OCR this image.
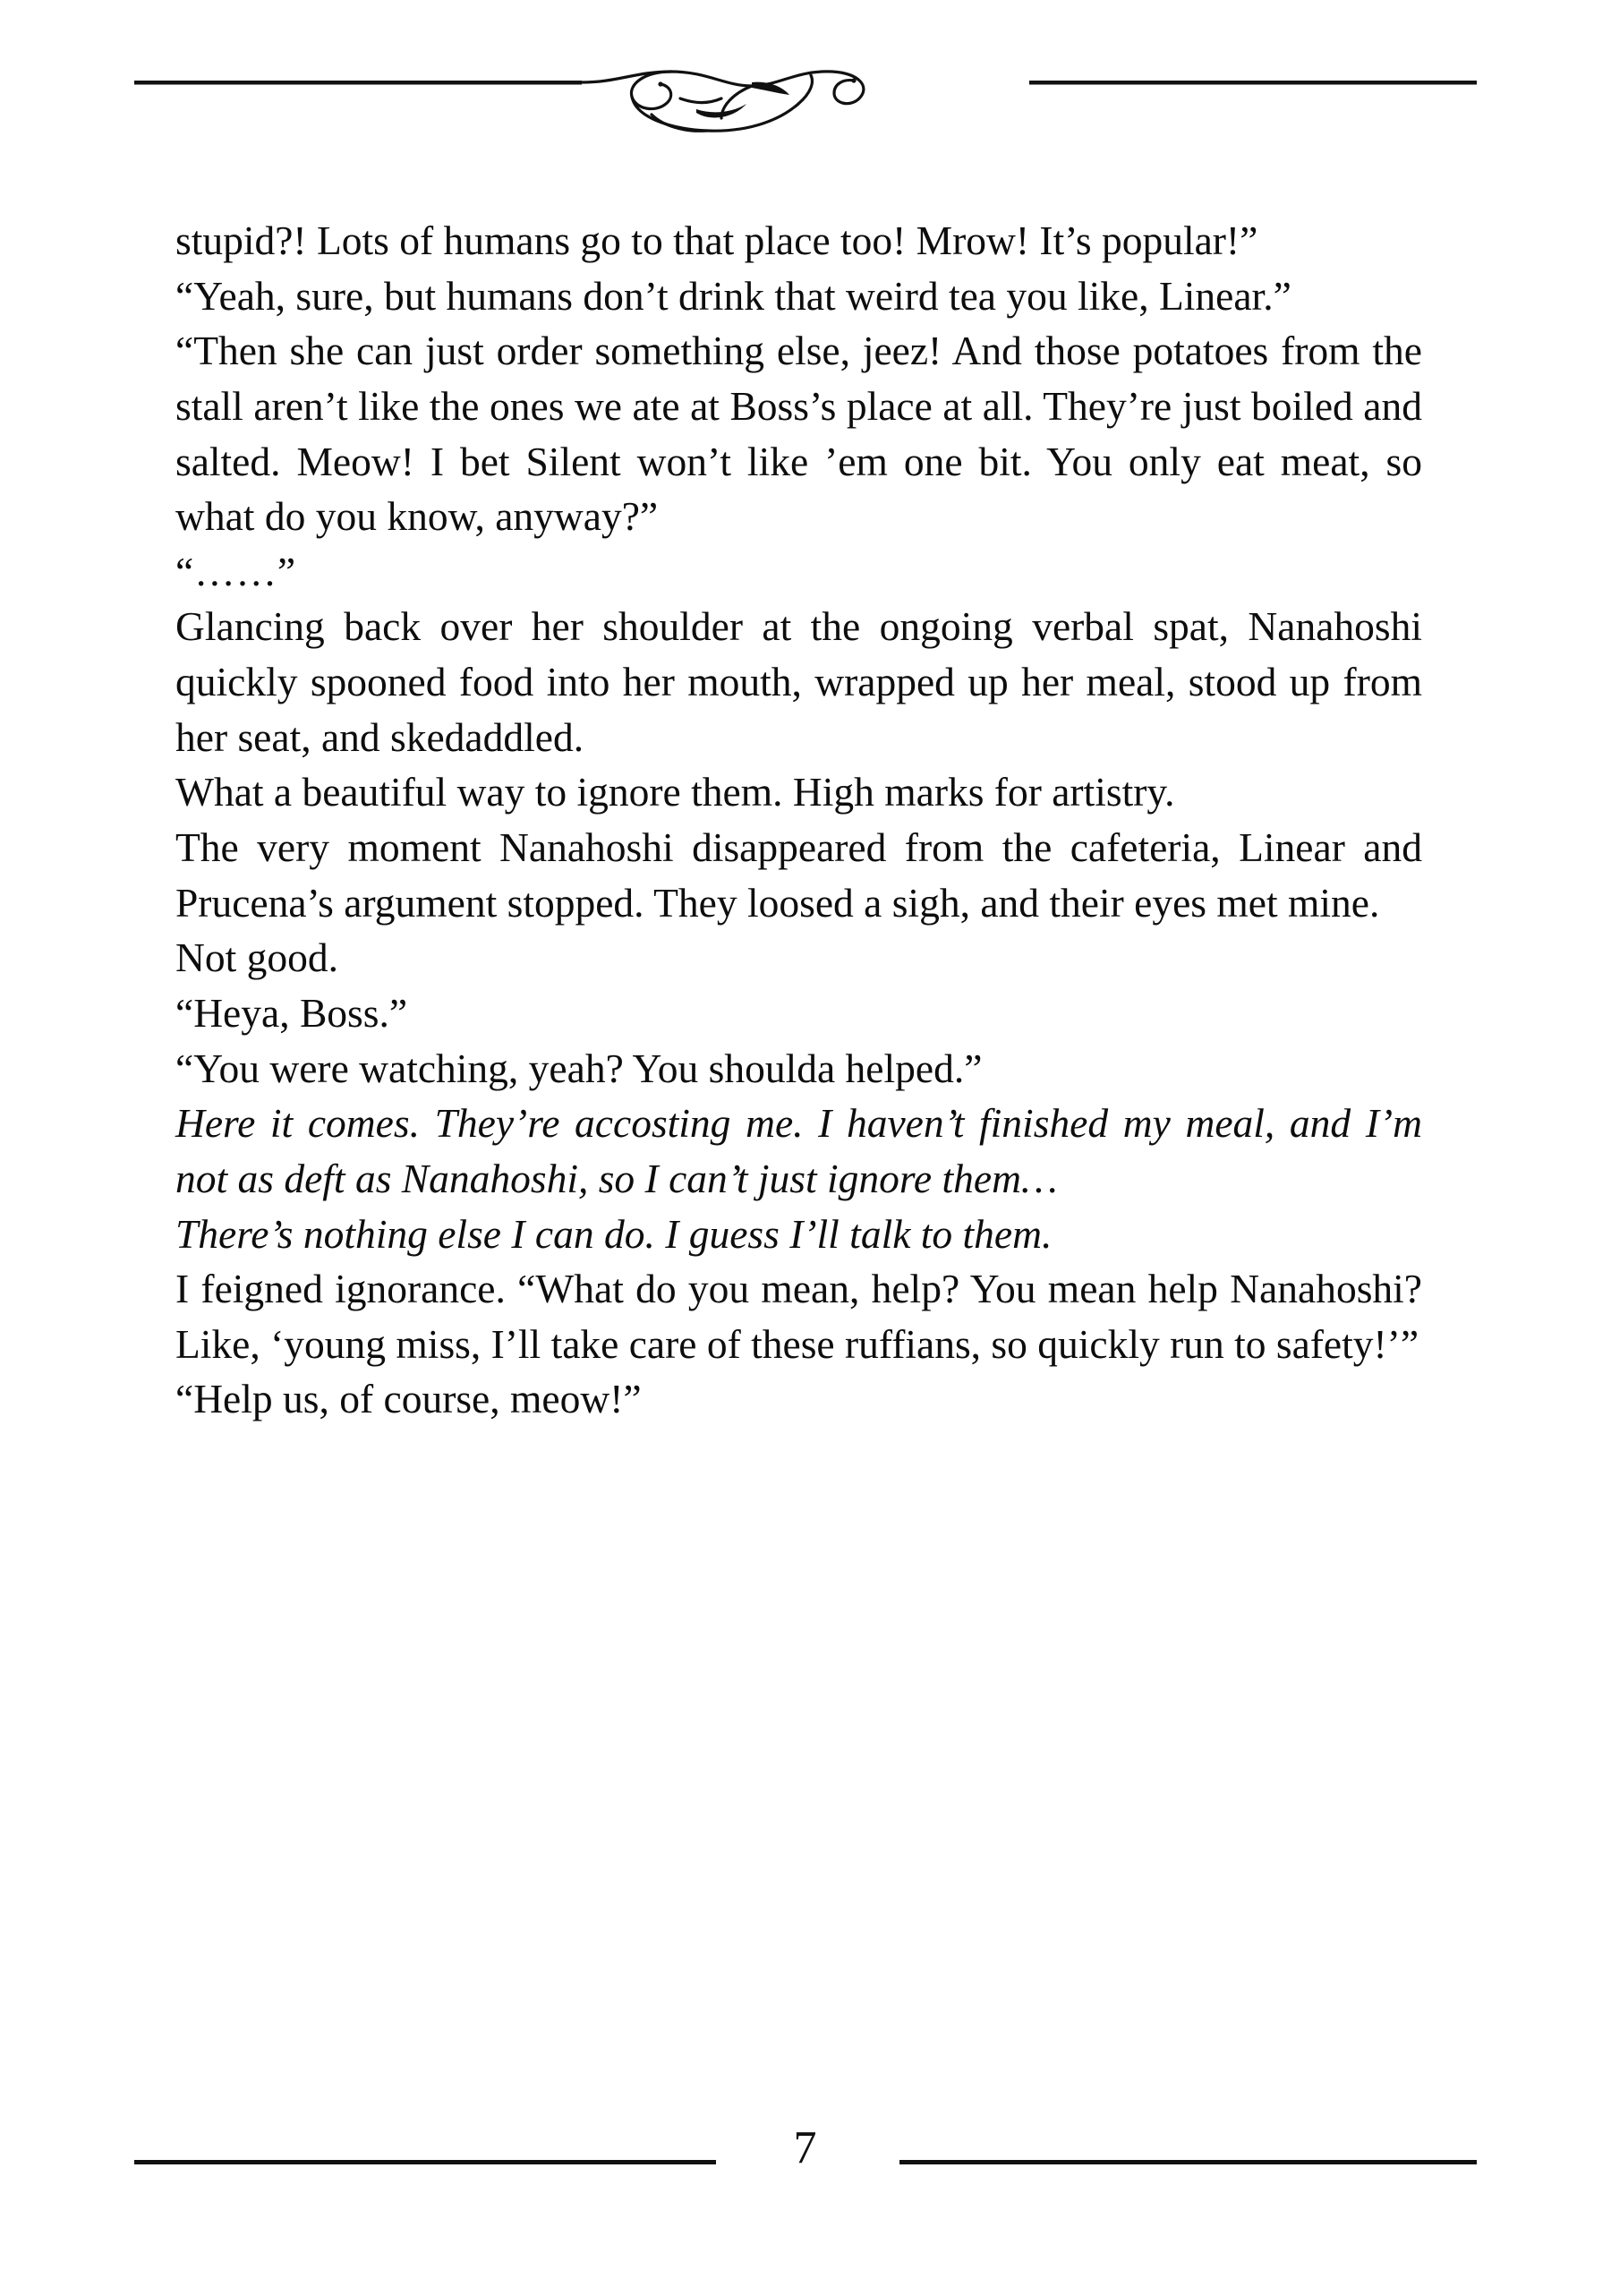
stupid?! Lots of humans go to that place too! Mrow! It’s popular!”

“Yeah, sure, but humans don’t drink that weird tea you like, Linear.”

“Then she can just order something else, jeez! And those potatoes from the stall aren’t like the ones we ate at Boss’s place at all. They’re just boiled and salted. Meow! I bet Silent won’t like ’em one bit. You only eat meat, so what do you know, anyway?”

“……”

Glancing back over her shoulder at the ongoing verbal spat, Nanahoshi quickly spooned food into her mouth, wrapped up her meal, stood up from her seat, and skedaddled.

What a beautiful way to ignore them. High marks for artistry.

The very moment Nanahoshi disappeared from the cafeteria, Linear and Prucena’s argument stopped. They loosed a sigh, and their eyes met mine.

Not good.

“Heya, Boss.”

“You were watching, yeah? You shoulda helped.”

Here it comes. They’re accosting me. I haven’t finished my meal, and I’m not as deft as Nanahoshi, so I can’t just ignore them…

There’s nothing else I can do. I guess I’ll talk to them.

I feigned ignorance. “What do you mean, help? You mean help Nanahoshi? Like, ‘young miss, I’ll take care of these ruffians, so quickly run to safety!’”

“Help us, of course, meow!”

7
